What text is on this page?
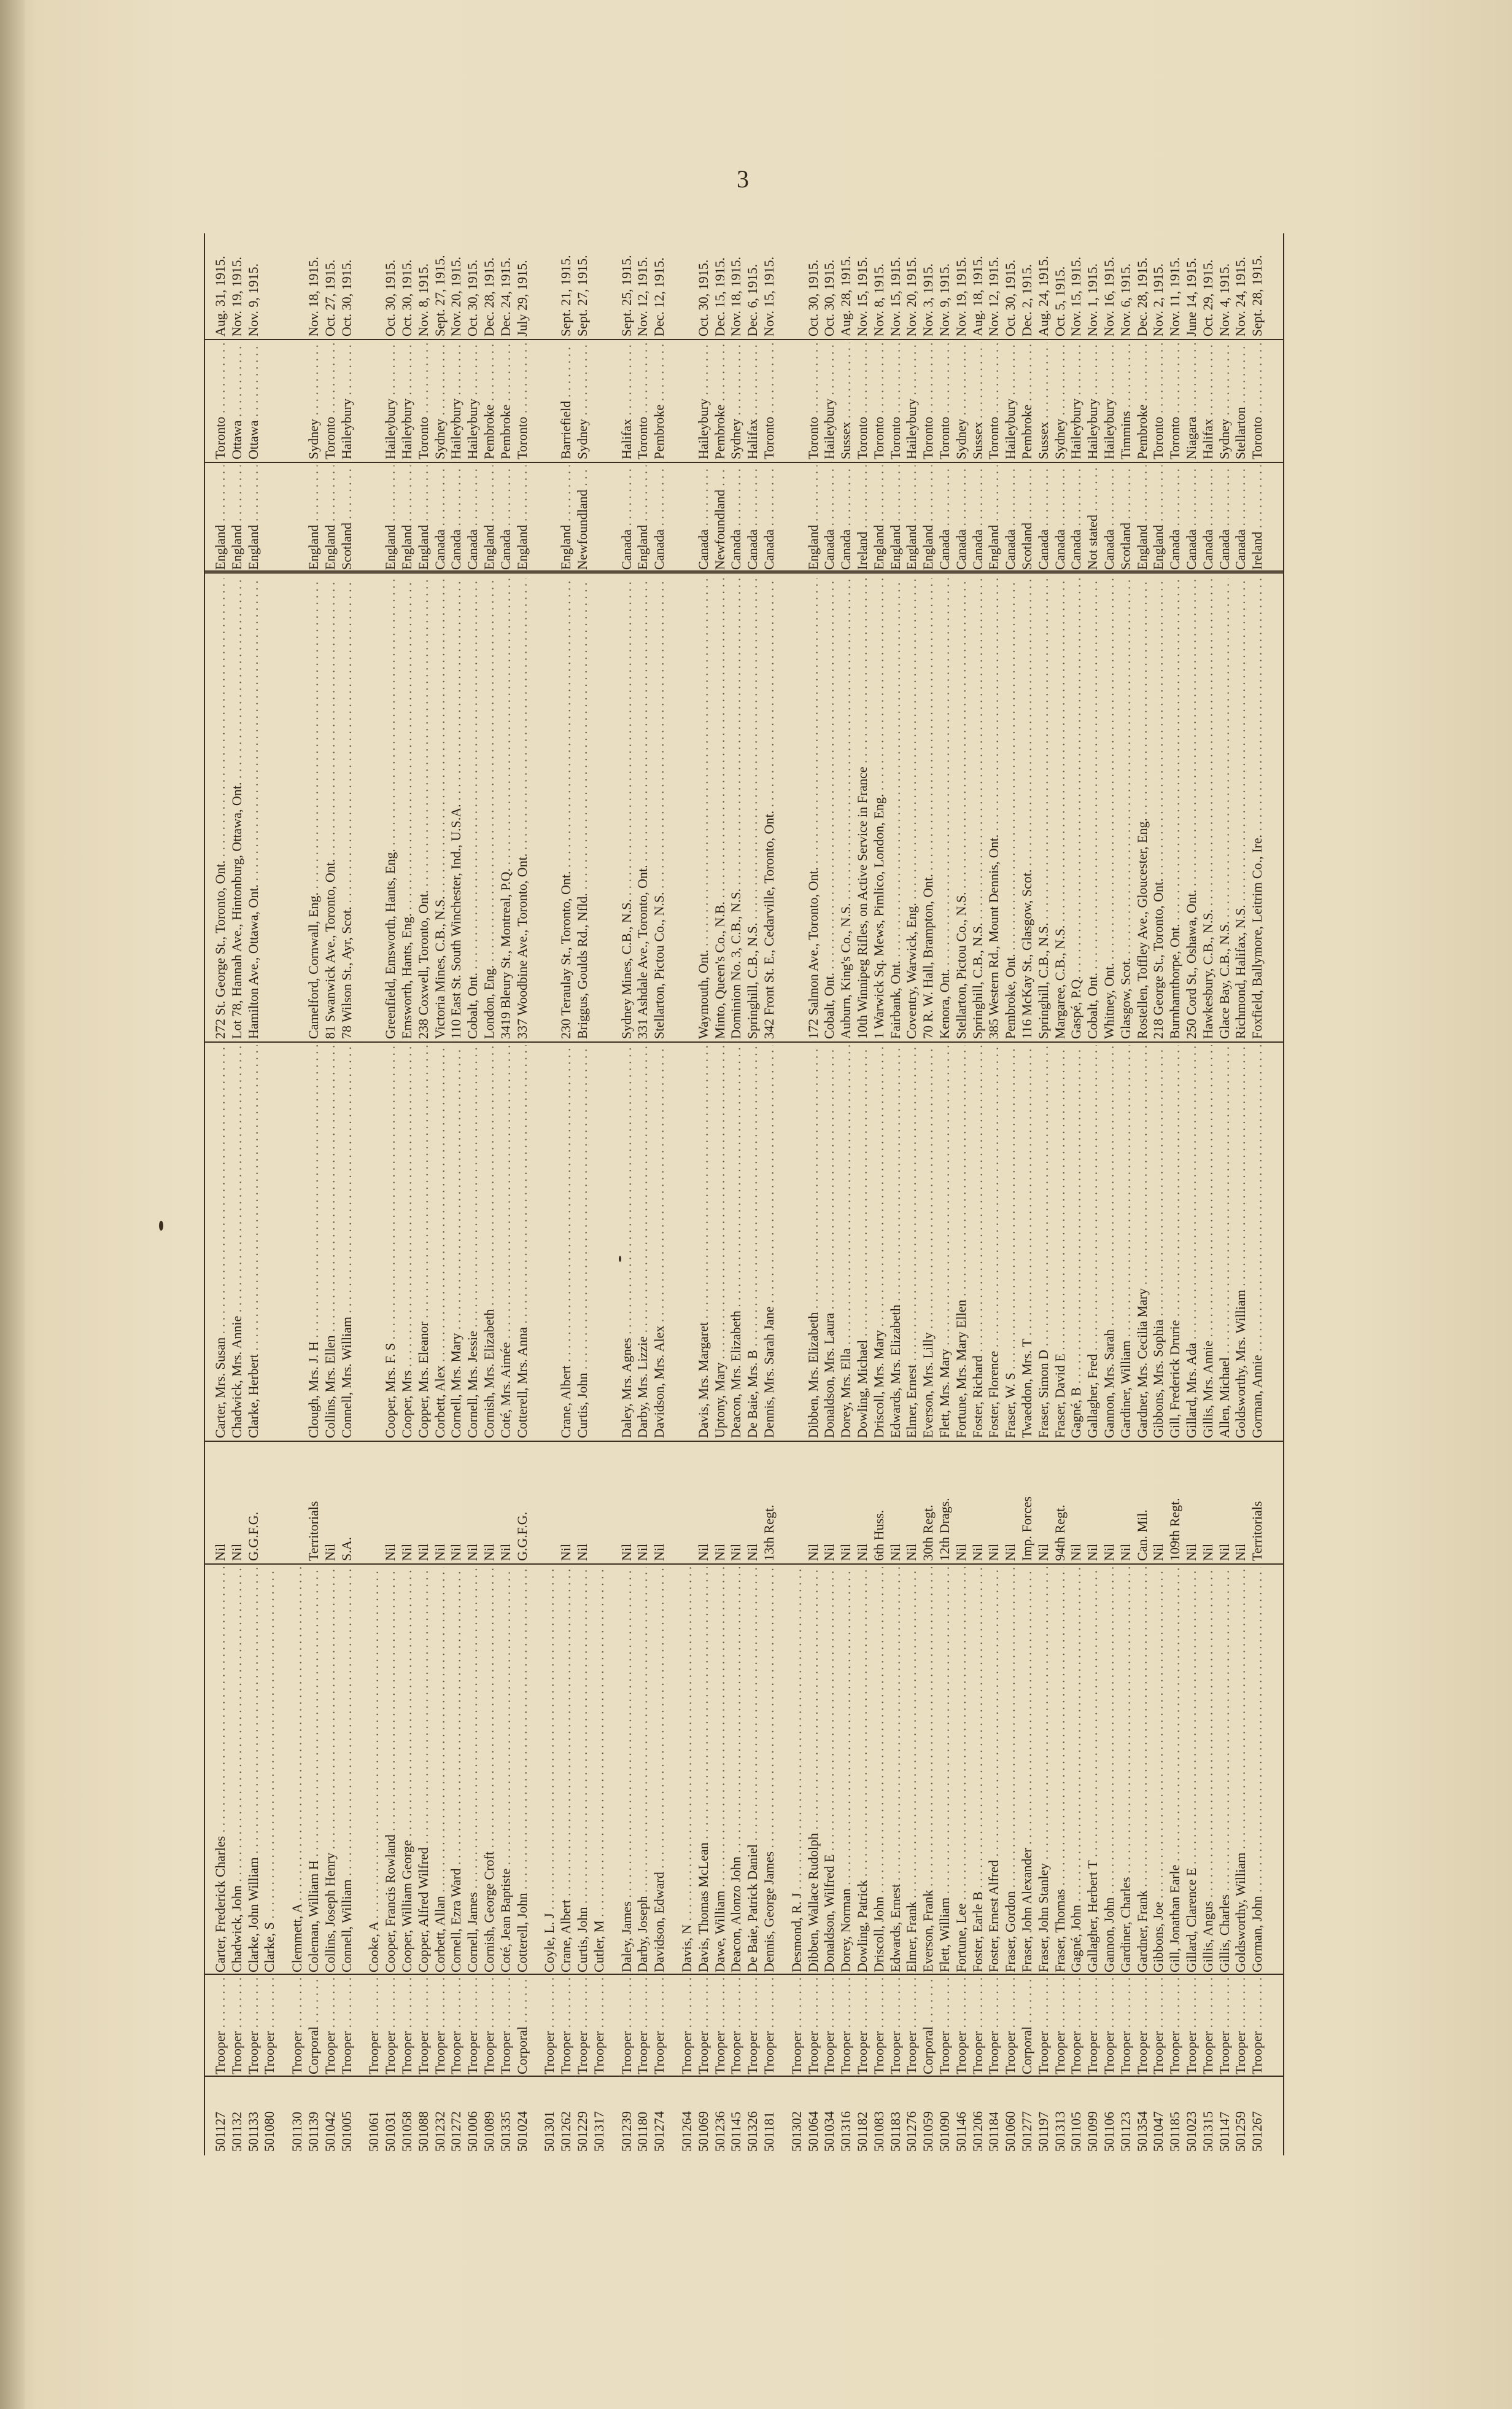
3
501127
Trooper . . .
Carter, Frederick Charles . . .
Nil
Carter, Mrs. Susan . . .
272 St. George St., Toronto, Ont. . . .
England . . .
Toronto . . .
Aug. 31, 1915.
501132
Trooper . . .
Chadwick, John . . .
Nil
Chadwick, Mrs. Annie . . .
Lot 78, Hannah Ave., Hintonburg, Ottawa, Ont. . . .
England . . .
Ottawa . . .
Nov. 19, 1915.
501133
Trooper . . .
Clarke, John William . . .
G.G.F.G.
Clarke, Herbert . . .
Hamilton Ave., Ottawa, Ont. . . .
England . . .
Ottawa . . .
Nov. 9, 1915.
501080
Trooper . . .
Clarke, S . . .
501130
Trooper . . .
Clemmett, A . . .
501139
Corporal . . .
Coleman, William H . . .
Territorials
Clough, Mrs. J. H . . .
Camelford, Cornwall, Eng. . . .
England . . .
Sydney . . .
Nov. 18, 1915.
501042
Trooper . . .
Collins, Joseph Henry . . .
Nil
Collins, Mrs. Ellen . . .
81 Swanwick Ave., Toronto, Ont. . . .
England . . .
Toronto . . .
Oct. 27, 1915.
501005
Trooper . . .
Connell, William . . .
S.A.
Connell, Mrs. William . . .
78 Wilson St., Ayr, Scot. . . .
Scotland . . .
Haileybury . . .
Oct. 30, 1915.
501061
Trooper . . .
Cooke, A . . .
501031
Trooper . . .
Cooper, Francis Rowland . . .
Nil
Cooper, Mrs. F. S . . .
Greenfield, Emsworth, Hants, Eng. . . .
England . . .
Haileybury . . .
Oct. 30, 1915.
501058
Trooper . . .
Cooper, William George . . .
Nil
Cooper, Mrs . . .
Emsworth, Hants, Eng. . . .
England . . .
Haileybury . . .
Oct. 30, 1915.
501088
Trooper . . .
Copper, Alfred Wilfred . . .
Nil
Copper, Mrs. Eleanor . . .
238 Coxwell, Toronto, Ont. . . .
England . . .
Toronto . . .
Nov. 8, 1915.
501232
Trooper . . .
Corbett, Allan . . .
Nil
Corbett, Alex . . .
Victoria Mines, C.B., N.S. . . .
Canada . . .
Sydney . . .
Sept. 27, 1915.
501272
Trooper . . .
Cornell, Ezra Ward . . .
Nil
Cornell, Mrs. Mary . . .
110 East St. South Winchester, Ind., U.S.A. . . .
Canada . . .
Haileybury . . .
Nov. 20, 1915.
501006
Trooper . . .
Cornell, James . . .
Nil
Cornell, Mrs. Jessie . . .
Cobalt, Ont. . . .
Canada . . .
Haileybury . . .
Oct. 30, 1915.
501089
Trooper . . .
Cornish, George Croft . . .
Nil
Cornish, Mrs. Elizabeth . . .
London, Eng. . . .
England . . .
Pembroke . . .
Dec. 28, 1915.
501335
Trooper . . .
Coté, Jean Baptiste . . .
Nil
Coté, Mrs. Aimée . . .
3419 Bleury St., Montreal, P.Q. . . .
Canada . . .
Pembroke . . .
Dec. 24, 1915.
501024
Corporal . . .
Cotterell, John . . .
G.G.F.G.
Cotterell, Mrs. Anna . . .
337 Woodbine Ave., Toronto, Ont. . . .
England . . .
Toronto . . .
July 29, 1915.
501301
Trooper . . .
Coyle, L. J . . .
501262
Trooper . . .
Crane, Albert . . .
Nil
Crane, Albert . . .
230 Teraulay St., Toronto, Ont. . . .
England . . .
Barriefield . . .
Sept. 21, 1915.
501229
Trooper . . .
Curtis, John . . .
Nil
Curtis, John . . .
Briggus, Goulds Rd., Nfld. . . .
Newfoundland . . .
Sydney . . .
Sept. 27, 1915.
501317
Trooper . . .
Cutler, M . . .
501239
Trooper . . .
Daley, James . . .
Nil
Daley, Mrs. Agnes . . .
Sydney Mines, C.B., N.S. . . .
Canada . . .
Halifax . . .
Sept. 25, 1915.
501180
Trooper . . .
Darby, Joseph . . .
Nil
Darby, Mrs. Lizzie . . .
331 Ashdale Ave., Toronto, Ont. . . .
England . . .
Toronto . . .
Nov. 12, 1915.
501274
Trooper . . .
Davidson, Edward . . .
Nil
Davidson, Mrs. Alex . . .
Stellarton, Pictou Co., N.S. . . .
Canada . . .
Pembroke . . .
Dec. 12, 1915.
501264
Trooper . . .
Davis, N . . .
501069
Trooper . . .
Davis, Thomas McLean . . .
Nil
Davis, Mrs. Margaret . . .
Waymouth, Ont. . . .
Canada . . .
Haileybury . . .
Oct. 30, 1915.
501236
Trooper . . .
Dawe, William . . .
Nil
Uptony, Mary . . .
Minto, Queen's Co., N.B. . . .
Newfoundland . . .
Pembroke . . .
Dec. 15, 1915.
501145
Trooper . . .
Deacon, Alonzo John . . .
Nil
Deacon, Mrs. Elizabeth . . .
Dominion No. 3, C.B., N.S. . . .
Canada . . .
Sydney . . .
Nov. 18, 1915.
501326
Trooper . . .
De Baie, Patrick Daniel . . .
Nil
De Baie, Mrs. B . . .
Springhill, C.B., N.S. . . .
Canada . . .
Halifax . . .
Dec. 6, 1915.
501181
Trooper . . .
Dennis, George James . . .
13th Regt.
Dennis, Mrs. Sarah Jane . . .
342 Front St. E., Cedarville, Toronto, Ont. . . .
Canada . . .
Toronto . . .
Nov. 15, 1915.
501302
Trooper . . .
Desmond, R. J . . .
501064
Trooper . . .
Dibben, Wallace Rudolph . . .
Nil
Dibben, Mrs. Elizabeth . . .
172 Salmon Ave., Toronto, Ont. . . .
England . . .
Toronto . . .
Oct. 30, 1915.
501034
Trooper . . .
Donaldson, Wilfred E . . .
Nil
Donaldson, Mrs. Laura . . .
Cobalt, Ont. . . .
Canada . . .
Haileybury . . .
Oct. 30, 1915.
501316
Trooper . . .
Dorey, Norman . . .
Nil
Dorey, Mrs. Ella . . .
Auburn, King's Co., N.S. . . .
Canada . . .
Sussex . . .
Aug. 28, 1915.
501182
Trooper . . .
Dowling, Patrick . . .
Nil
Dowling, Michael . . .
10th Winnipeg Rifles, on Active Service in France . . .
Ireland . . .
Toronto . . .
Nov. 15, 1915.
501083
Trooper . . .
Driscoll, John . . .
6th Huss.
Driscoll, Mrs. Mary . . .
1 Warwick Sq. Mews, Pimlico, London, Eng. . . .
England . . .
Toronto . . .
Nov. 8, 1915.
501183
Trooper . . .
Edwards, Ernest . . .
Nil
Edwards, Mrs. Elizabeth . . .
Fairbank, Ont. . . .
England . . .
Toronto . . .
Nov. 15, 1915.
501276
Trooper . . .
Elmer, Frank . . .
Nil
Elmer, Ernest . . .
Coventry, Warwick, Eng. . . .
England . . .
Haileybury . . .
Nov. 20, 1915.
501059
Corporal . . .
Everson, Frank . . .
30th Regt.
Everson, Mrs. Lilly . . .
70 R. W. Hall, Brampton, Ont. . . .
England . . .
Toronto . . .
Nov. 3, 1915.
501090
Trooper . . .
Flett, William . . .
12th Drags.
Flett, Mrs. Mary . . .
Kenora, Ont. . . .
Canada . . .
Toronto . . .
Nov. 9, 1915.
501146
Trooper . . .
Fortune, Lee . . .
Nil
Fortune, Mrs. Mary Ellen . . .
Stellarton, Pictou Co., N.S. . . .
Canada . . .
Sydney . . .
Nov. 19, 1915.
501206
Trooper . . .
Foster, Earle B . . .
Nil
Foster, Richard . . .
Springhill, C.B., N.S. . . .
Canada . . .
Sussex . . .
Aug. 18, 1915.
501184
Trooper . . .
Foster, Ernest Alfred . . .
Nil
Foster, Florence . . .
385 Western Rd., Mount Dennis, Ont. . . .
England . . .
Toronto . . .
Nov. 12, 1915.
501060
Trooper . . .
Fraser, Gordon . . .
Nil
Fraser, W. S . . .
Pembroke, Ont. . . .
Canada . . .
Haileybury . . .
Oct. 30, 1915.
501277
Corporal . . .
Fraser, John Alexander . . .
Imp. Forces
Twaeddon, Mrs. T . . .
116 McKay St., Glasgow, Scot. . . .
Scotland . . .
Pembroke . . .
Dec. 2, 1915.
501197
Trooper . . .
Fraser, John Stanley . . .
Nil
Fraser, Simon D . . .
Springhill, C.B., N.S. . . .
Canada . . .
Sussex . . .
Aug. 24, 1915.
501313
Trooper . . .
Fraser, Thomas . . .
94th Regt.
Fraser, David E . . .
Margaree, C.B., N.S. . . .
Canada . . .
Sydney . . .
Oct. 5, 1915.
501105
Trooper . . .
Gagné, John . . .
Nil
Gagné, B . . .
Gaspé, P.Q. . . .
Canada . . .
Haileybury . . .
Nov. 15, 1915.
501099
Trooper . . .
Gallagher, Herbert T . . .
Nil
Gallagher, Fred . . .
Cobalt, Ont. . . .
Not stated . . .
Haileybury . . .
Nov. 1, 1915.
501106
Trooper . . .
Gannon, John . . .
Nil
Gannon, Mrs. Sarah . . .
Whitney, Ont. . . .
Canada . . .
Haileybury . . .
Nov. 16, 1915.
501123
Trooper . . .
Gardiner, Charles . . .
Nil
Gardiner, William . . .
Glasgow, Scot. . . .
Scotland . . .
Timmins . . .
Nov. 6, 1915.
501354
Trooper . . .
Gardner, Frank . . .
Can. Mil.
Gardner, Mrs. Cecilia Mary . . .
Rostellen, Toffley Ave., Gloucester, Eng. . . .
England . . .
Pembroke . . .
Dec. 28, 1915.
501047
Trooper . . .
Gibbons, Joe . . .
Nil
Gibbons, Mrs. Sophia . . .
218 George St., Toronto, Ont. . . .
England . . .
Toronto . . .
Nov. 2, 1915.
501185
Trooper . . .
Gill, Jonathan Earle . . .
109th Regt.
Gill, Frederick Drurie . . .
Burnhamthorpe, Ont. . . .
Canada . . .
Toronto . . .
Nov. 11, 1915.
501023
Trooper . . .
Gillard, Clarence E . . .
Nil
Gillard, Mrs. Ada . . .
250 Cord St., Oshawa, Ont. . . .
Canada . . .
Niagara . . .
June 14, 1915.
501315
Trooper . . .
Gillis, Angus . . .
Nil
Gillis, Mrs. Annie . . .
Hawkesbury, C.B., N.S. . . .
Canada . . .
Halifax . . .
Oct. 29, 1915.
501147
Trooper . . .
Gillis, Charles . . .
Nil
Allen, Michael . . .
Glace Bay, C.B., N.S. . . .
Canada . . .
Sydney . . .
Nov. 4, 1915.
501259
Trooper . . .
Goldsworthy, William . . .
Nil
Goldsworthy, Mrs. William . . .
Richmond, Halifax, N.S. . . .
Canada . . .
Stellarton . . .
Nov. 24, 1915.
501267
Trooper . . .
Gorman, John . . .
Territorials
Gorman, Annie . . .
Foxfield, Ballymore, Leitrim Co., Ire. . . .
Ireland . . .
Toronto . . .
Sept. 28, 1915.
